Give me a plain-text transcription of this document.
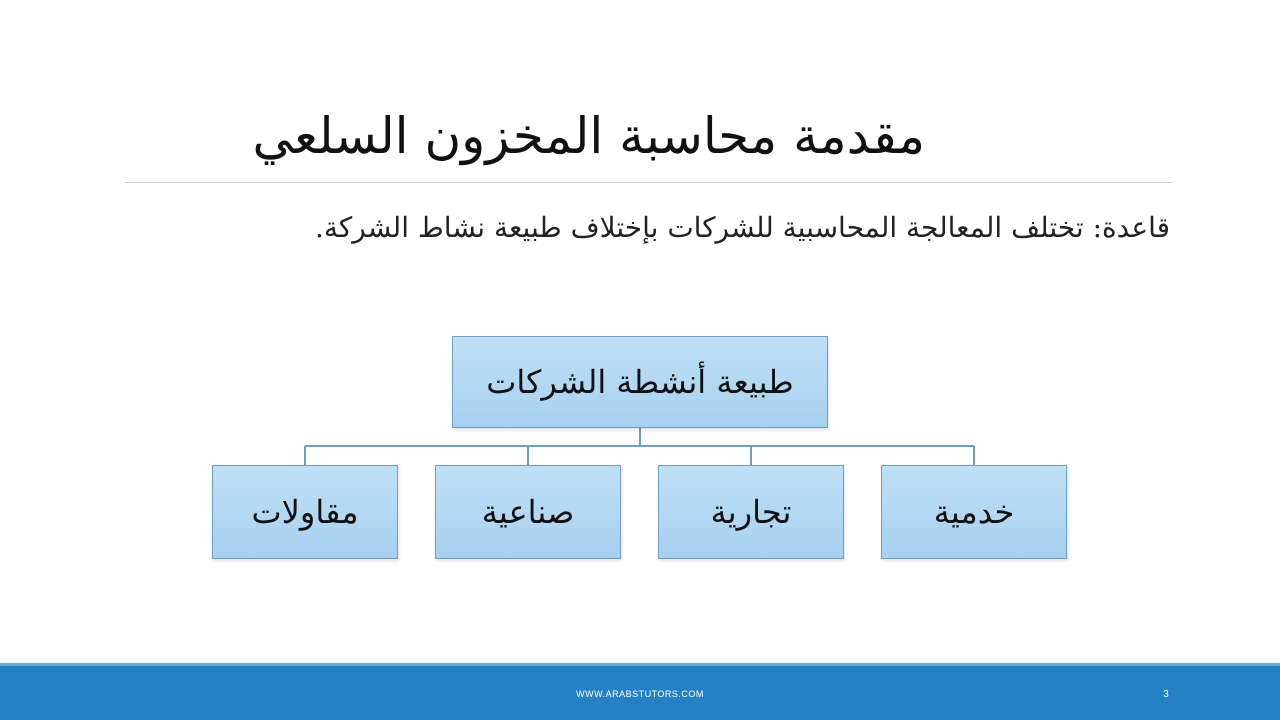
مقدمة محاسبة المخزون السلعي

قاعدة: تختلف المعالجة المحاسبية للشركات بإختلاف طبيعة نشاط الشركة.

طبيعة أنشطة الشركات
خدمية
تجارية
صناعية
مقاولات
WWW.ARABSTUTORS.COM	3
